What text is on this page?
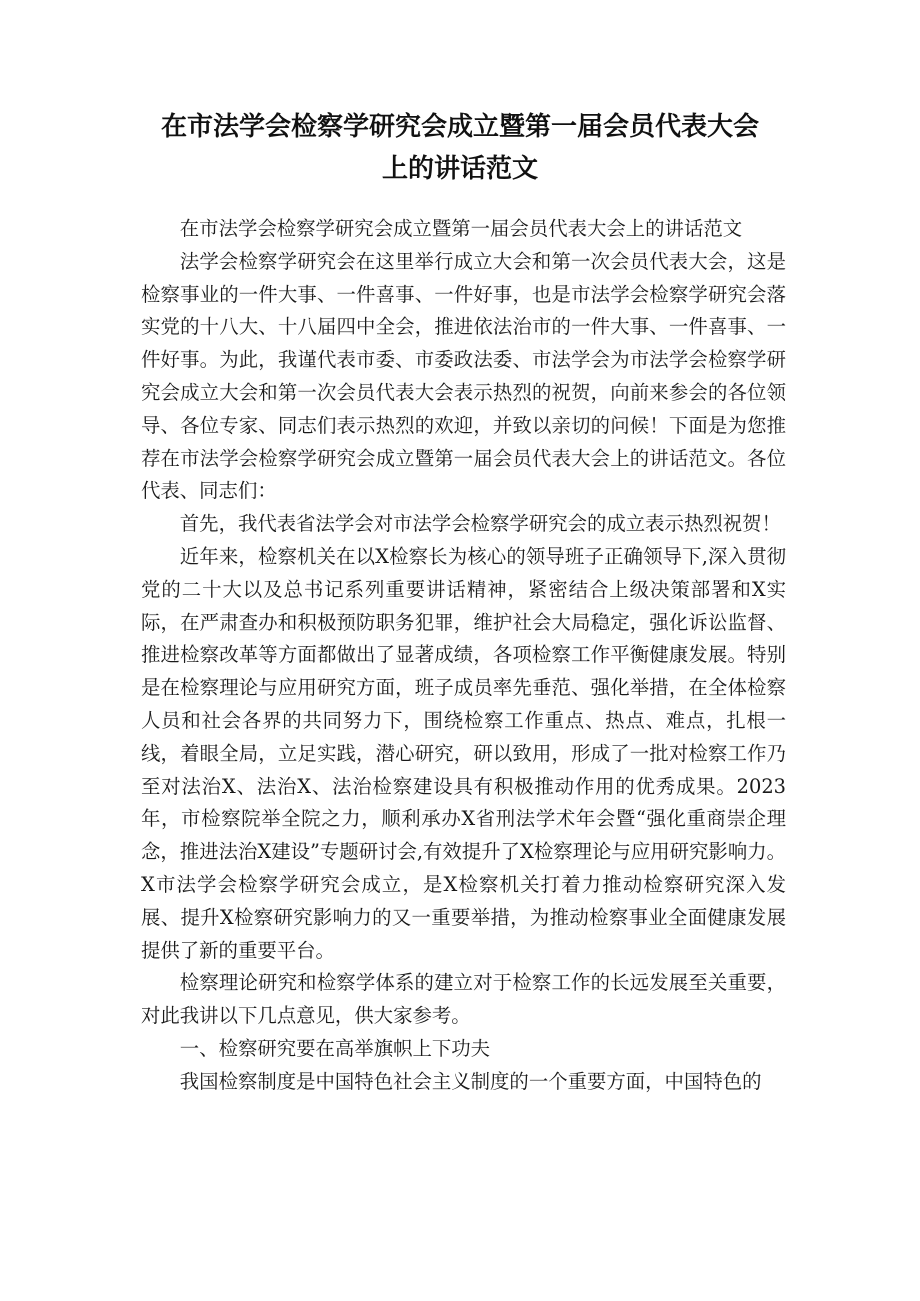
在市法学会检察学研究会成立暨第一届会员代表大会
上的讲话范文

在市法学会检察学研究会成立暨第一届会员代表大会上的讲话范文

法学会检察学研究会在这里举行成立大会和第一次会员代表大会，这是检察事业的一件大事、一件喜事、一件好事，也是市法学会检察学研究会落实党的十八大、十八届四中全会，推进依法治市的一件大事、一件喜事、一件好事。为此，我谨代表市委、市委政法委、市法学会为市法学会检察学研究会成立大会和第一次会员代表大会表示热烈的祝贺，向前来参会的各位领导、各位专家、同志们表示热烈的欢迎，并致以亲切的问候！下面是为您推荐在市法学会检察学研究会成立暨第一届会员代表大会上的讲话范文。各位代表、同志们：

首先，我代表省法学会对市法学会检察学研究会的成立表示热烈祝贺！

近年来，检察机关在以X检察长为核心的领导班子正确领导下,深入贯彻党的二十大以及总书记系列重要讲话精神，紧密结合上级决策部署和X实际，在严肃查办和积极预防职务犯罪，维护社会大局稳定，强化诉讼监督、推进检察改革等方面都做出了显著成绩，各项检察工作平衡健康发展。特别是在检察理论与应用研究方面，班子成员率先垂范、强化举措，在全体检察人员和社会各界的共同努力下，围绕检察工作重点、热点、难点，扎根一线，着眼全局，立足实践，潜心研究，研以致用，形成了一批对检察工作乃至对法治X、法治X、法治检察建设具有积极推动作用的优秀成果。2023年，市检察院举全院之力，顺利承办X省刑法学术年会暨“强化重商崇企理念，推进法治X建设”专题研讨会,有效提升了X检察理论与应用研究影响力。X市法学会检察学研究会成立，是X检察机关打着力推动检察研究深入发展、提升X检察研究影响力的又一重要举措，为推动检察事业全面健康发展提供了新的重要平台。

检察理论研究和检察学体系的建立对于检察工作的长远发展至关重要，对此我讲以下几点意见，供大家参考。

一、检察研究要在高举旗帜上下功夫

我国检察制度是中国特色社会主义制度的一个重要方面，中国特色的
